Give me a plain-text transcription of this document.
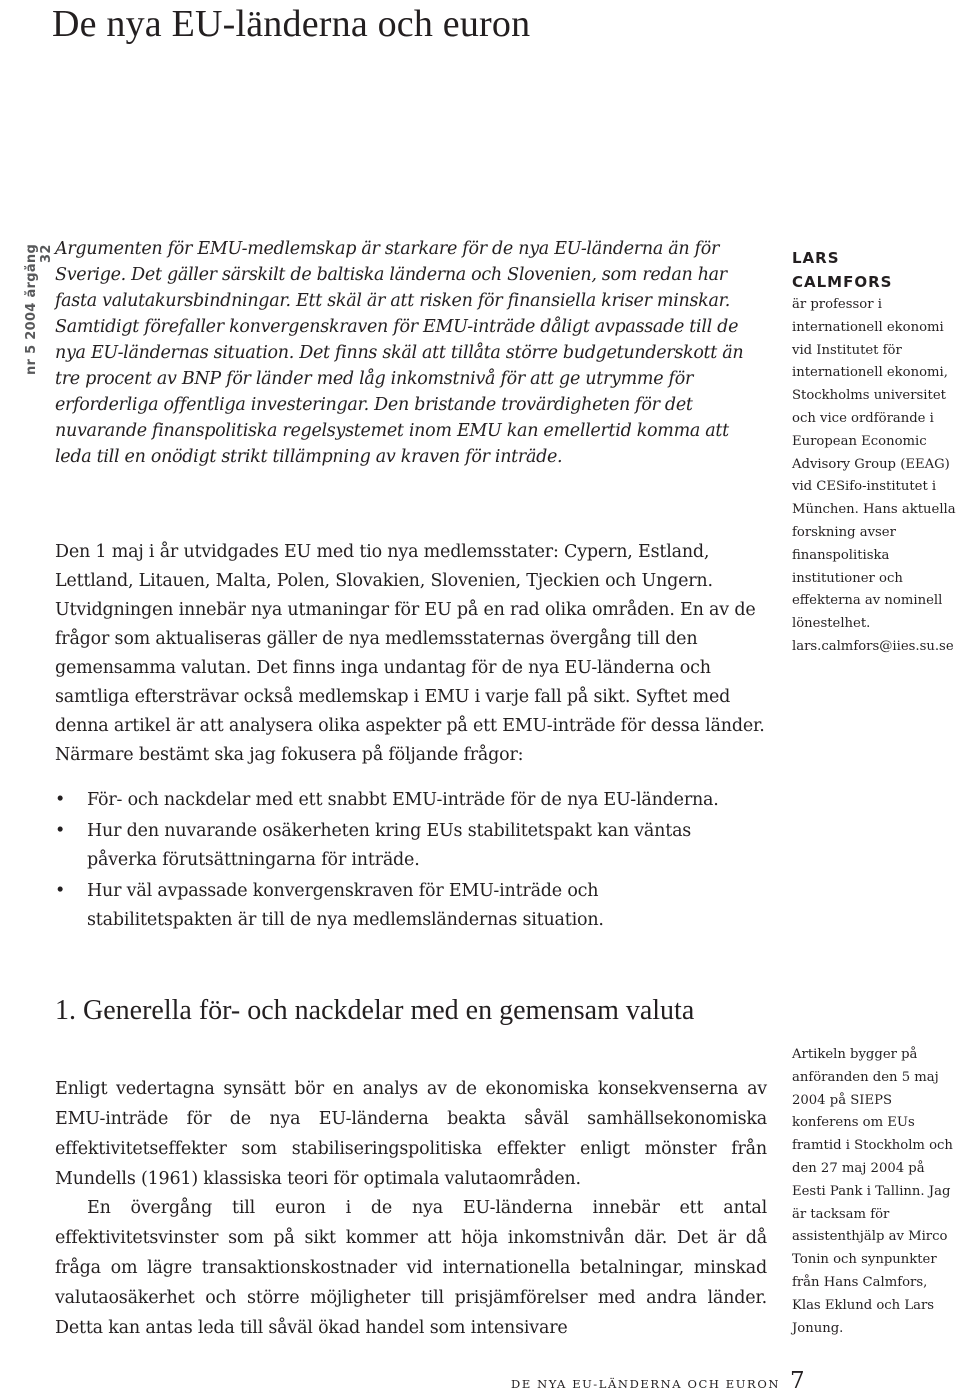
De nya EU-länderna och euron
nr 5 2004 årgång 32 Argumenten för EMU-medlemskap är starkare för de nya EU-länderna än för Sverige. Det gäller särskilt de baltiska länderna och Slovenien, som redan har fasta valutakursbindningar. Ett skäl är att risken för finansiella kriser minskar. Samtidigt förefaller konvergenskraven för EMU-inträde dåligt avpassade till de nya EU-ländernas situation. Det finns skäl att tillåta större budgetunderskott än tre procent av BNP för länder med låg inkomstnivå för att ge utrymme för erforderliga offentliga investeringar. Den bristande trovärdigheten för det nuvarande finanspolitiska regelsystemet inom EMU kan emellertid komma att leda till en onödigt strikt tillämpning av kraven för inträde.

Den 1 maj i år utvidgades EU med tio nya medlemsstater: Cypern, Estland, Lettland, Litauen, Malta, Polen, Slovakien, Slovenien, Tjeckien och Ungern. Utvidgningen innebär nya utmaningar för EU på en rad olika områden. En av de frågor som aktualiseras gäller de nya medlemsstaternas övergång till den gemensamma valutan. Det finns inga undantag för de nya EU-länderna och samtliga eftersträvar också medlemskap i EMU i varje fall på sikt. Syftet med denna artikel är att analysera olika aspekter på ett EMU-inträde för dessa länder. Närmare bestämt ska jag fokusera på följande frågor:

• För- och nackdelar med ett snabbt EMU-inträde för de nya EU-länderna.
• Hur den nuvarande osäkerheten kring EUs stabilitetspakt kan väntas påverka förutsättningarna för inträde.
• Hur väl avpassade konvergenskraven för EMU-inträde och stabilitetspakten är till de nya medlemsländernas situation.
1. Generella för- och nackdelar med en gemensam valuta

Enligt vedertagna synsätt bör en analys av de ekonomiska konsekvenserna av EMU-inträde för de nya EU-länderna beakta såväl samhällsekonomiska effektivitetseffekter som stabiliseringspolitiska effekter enligt mönster från Mundells (1961) klassiska teori för optimala valutaområden.

En övergång till euron i de nya EU-länderna innebär ett antal effektivitetsvinster som på sikt kommer att höja inkomstnivån där. Det är då fråga om lägre transaktionskostnader vid internationella betalningar, minskad valutaosäkerhet och större möjligheter till prisjämförelser med andra länder. Detta kan antas leda till såväl ökad handel som intensivare

LARS
CALMFORS
är professor i internationell ekonomi vid Institutet för internationell ekonomi, Stockholms universitet och vice ordförande i European Economic Advisory Group (EEAG) vid CESifo-institutet i München. Hans aktuella forskning avser finanspolitiska institutioner och effekterna av nominell lönestelhet. lars.calmfors@iies.su.se
Artikeln bygger på anföranden den 5 maj 2004 på SIEPS konferens om EUs framtid i Stockholm och den 27 maj 2004 på Eesti Pank i Tallinn. Jag är tacksam för assistenthjälp av Mirco Tonin och synpunkter från Hans Calmfors, Klas Eklund och Lars Jonung.
DE NYA EU-LÄNDERNA OCH EURON 7
